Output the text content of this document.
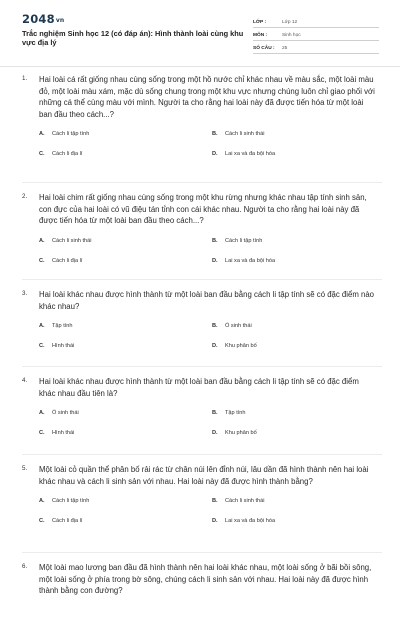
2048vn
Trắc nghiệm Sinh học 12 (có đáp án): Hình thành loài cùng khu vực địa lý
LỚP :	Lớp 12
MÔN :	Sinh học
SỐ CÂU :	25
1. Hai loài cá rất giống nhau cùng sống trong một hồ nước chỉ khác nhau về màu sắc, một loài màu đỏ, một loài màu xám, mặc dù sống chung trong một khu vực nhưng chúng luôn chỉ giao phối với những cá thể cùng màu với mình. Người ta cho rằng hai loài này đã được tiến hóa từ một loài ban đầu theo cách...?
A.	Cách li tập tính	B.	Cách li sinh thái
C.	Cách li địa lí	D.	Lai xa và đa bội hóa
2. Hai loài chim rất giống nhau cùng sống trong một khu rừng nhưng khác nhau tập tính sinh sản, con đực của hai loài có vũ điệu tán tỉnh con cái khác nhau. Người ta cho rằng hai loài này đã được tiến hóa từ một loài ban đầu theo cách...?
A.	Cách li sinh thái	B.	Cách li tập tính
C.	Cách li địa lí	D.	Lai xa và đa bội hóa
3. Hai loài khác nhau được hình thành từ một loài ban đầu bằng cách li tập tính sẽ có đặc điểm nào khác nhau?
A.	Tập tính	B.	Ổ sinh thái
C.	Hình thái	D.	Khu phân bố
4. Hai loài khác nhau được hình thành từ một loài ban đầu bằng cách li tập tính sẽ có đặc điểm khác nhau đầu tiên là?
A.	Ổ sinh thái	B.	Tập tính
C.	Hình thái	D.	Khu phân bố
5. Một loài cỏ quần thể phân bố rải rác từ chân núi lên đỉnh núi, lâu dần đã hình thành nên hai loài khác nhau và cách li sinh sản với nhau. Hai loài này đã được hình thành bằng?
A.	Cách li tập tính	B.	Cách li sinh thái
C.	Cách li địa lí	D.	Lai xa và đa bội hóa
6. Một loài mao lương ban đầu đã hình thành nên hai loài khác nhau, một loài sống ở bãi bồi sông, một loài sống ở phía trong bờ sông, chúng cách li sinh sản với nhau. Hai loài này đã được hình thành bằng con đường?
